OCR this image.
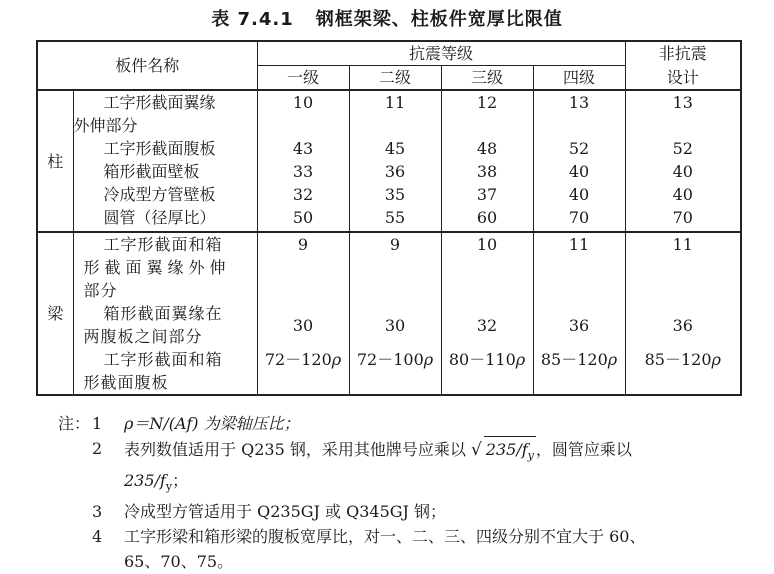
表 7.4.1 钢框架梁、柱板件宽厚比限值
板件名称		抗震等级				非抗震
		一级	二级	三级	四级	设计
柱	工字形截面翼缘
外伸部分	10	11	12	13	13
	工字形截面腹板	43	45	48	52	52
	箱形截面壁板	33	36	38	40	40
	冷成型方管壁板	32	35	37	40	40
	圆管（径厚比）	50	55	60	70	70
梁	工字形截面和箱
形截面翼缘外伸
部分	9	9	10	11	11

	箱形截面翼缘在
两腹板之间部分	30	30	32	36	36

	工字形截面和箱
形截面腹板	72－120ρ	72－100ρ	80－110ρ	85－120ρ	85－120ρ
注： 1 ρ＝N/(Af) 为梁轴压比；
2 表列数值适用于 Q235 钢，采用其他牌号应乘以 √ $235/f_y$ ，圆管应乘以
$235/f_y$；
3 冷成型方管适用于 Q235GJ 或 Q345GJ 钢；
4 工字形梁和箱形梁的腹板宽厚比，对一、二、三、四级分别不宜大于 60、
65、70、75。
